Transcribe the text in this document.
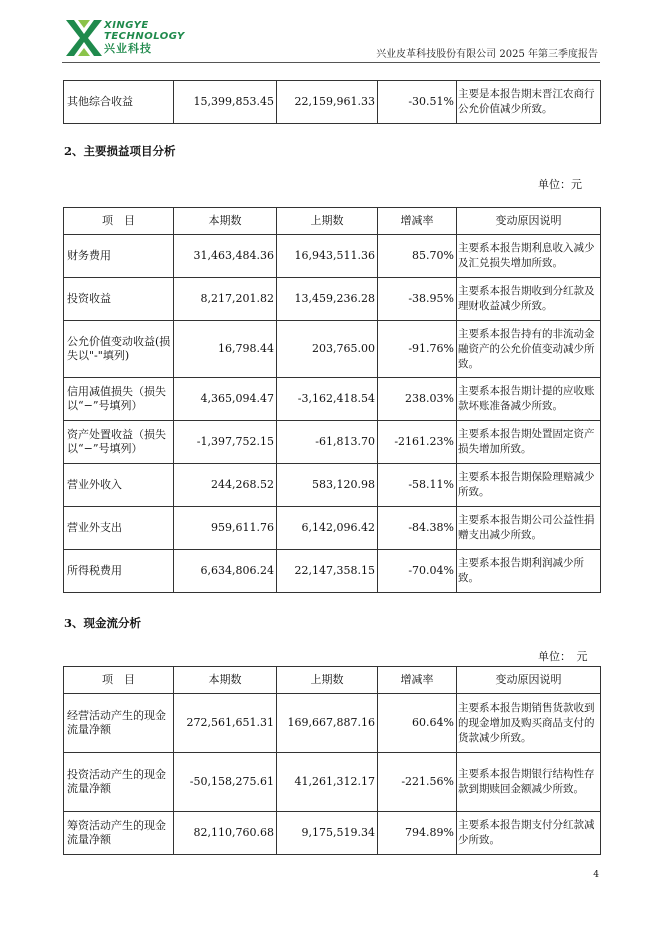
XINGYE
TECHNOLOGY
兴业科技	兴业皮革科技股份有限公司 2025 年第三季度报告
其他综合收益	15,399,853.45	22,159,961.33	-30.51%	主要是本报告期末晋江农商行公允价值减少所致。
2、主要损益项目分析
单位：元
项　目	本期数	上期数	增减率	变动原因说明
财务费用	31,463,484.36	16,943,511.36	85.70%	主要系本报告期利息收入减少及汇兑损失增加所致。
投资收益	8,217,201.82	13,459,236.28	-38.95%	主要系本报告期收到分红款及理财收益减少所致。
公允价值变动收益(损失以"-"填列)	16,798.44	203,765.00	-91.76%	主要系本报告持有的非流动金融资产的公允价值变动减少所致。
信用减值损失（损失以“−”号填列）	4,365,094.47	-3,162,418.54	238.03%	主要系本报告期计提的应收账款坏账准备减少所致。
资产处置收益（损失以“−”号填列）	-1,397,752.15	-61,813.70	-2161.23%	主要系本报告期处置固定资产损失增加所致。
营业外收入	244,268.52	583,120.98	-58.11%	主要系本报告期保险理赔减少所致。
营业外支出	959,611.76	6,142,096.42	-84.38%	主要系本报告期公司公益性捐赠支出减少所致。
所得税费用	6,634,806.24	22,147,358.15	-70.04%	主要系本报告期利润减少所致。
3、现金流分析
单位：　元
项　目	本期数	上期数	增减率	变动原因说明
经营活动产生的现金流量净额	272,561,651.31	169,667,887.16	60.64%	主要系本报告期销售货款收到的现金增加及购买商品支付的货款减少所致。
投资活动产生的现金流量净额	-50,158,275.61	41,261,312.17	-221.56%	主要系本报告期银行结构性存款到期赎回金额减少所致。
筹资活动产生的现金流量净额	82,110,760.68	9,175,519.34	794.89%	主要系本报告期支付分红款减少所致。
4
